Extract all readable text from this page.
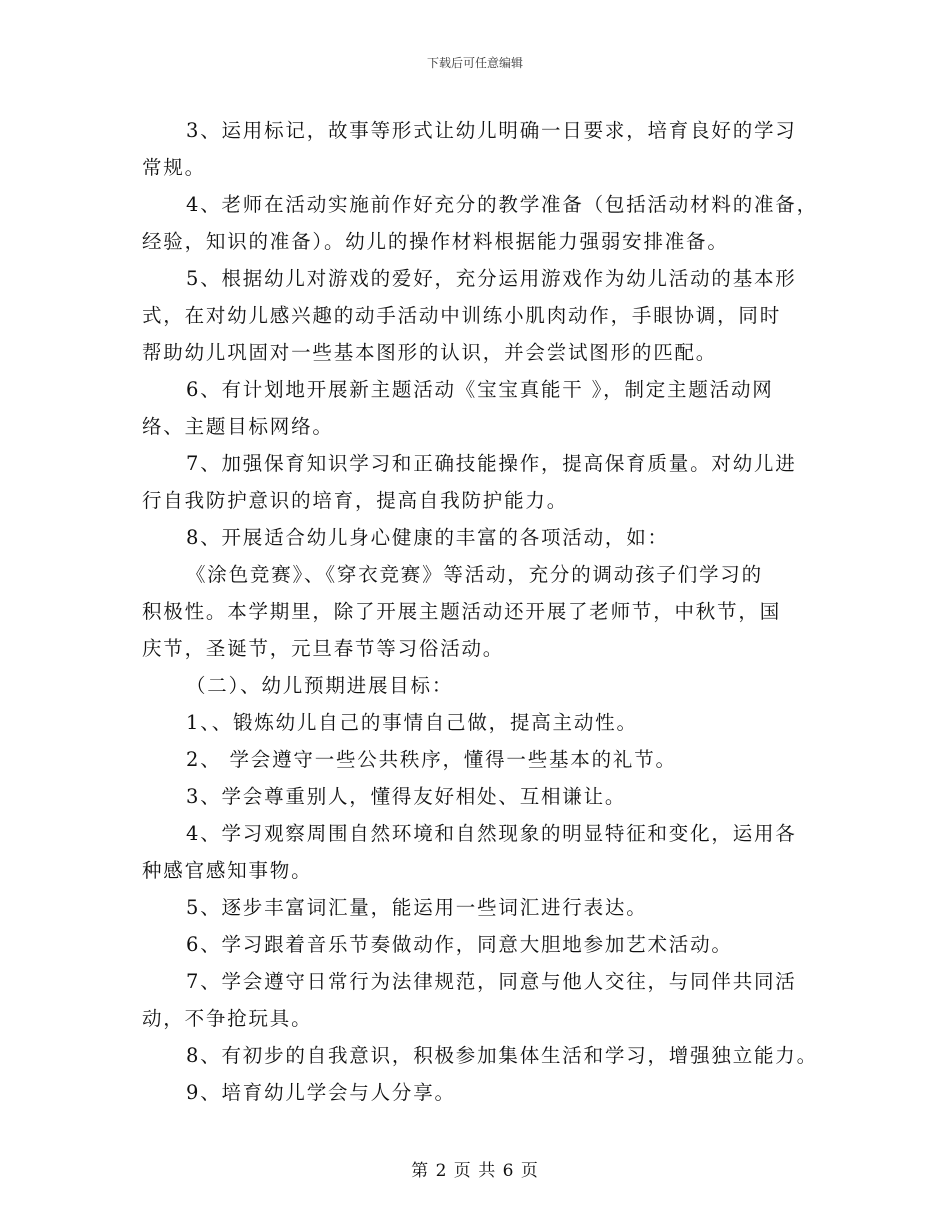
下载后可任意编辑

3、运用标记，故事等形式让幼儿明确一日要求，培育良好的学习

常规。

4、老师在活动实施前作好充分的教学准备（包括活动材料的准备，

经验，知识的准备）。幼儿的操作材料根据能力强弱安排准备。

5、根据幼儿对游戏的爱好，充分运用游戏作为幼儿活动的基本形

式，在对幼儿感兴趣的动手活动中训练小肌肉动作，手眼协调，同时

帮助幼儿巩固对一些基本图形的认识，并会尝试图形的匹配。

6、有计划地开展新主题活动《宝宝真能干 》，制定主题活动网

络、主题目标网络。

7、加强保育知识学习和正确技能操作，提高保育质量。对幼儿进

行自我防护意识的培育，提高自我防护能力。

8、开展适合幼儿身心健康的丰富的各项活动，如：

《涂色竞赛》、《穿衣竞赛》等活动，充分的调动孩子们学习的

积极性。本学期里，除了开展主题活动还开展了老师节，中秋节，国

庆节，圣诞节，元旦春节等习俗活动。

（二）、幼儿预期进展目标：

1、、锻炼幼儿自己的事情自己做，提高主动性。

2、 学会遵守一些公共秩序，懂得一些基本的礼节。

3、学会尊重别人，懂得友好相处、互相谦让。

4、学习观察周围自然环境和自然现象的明显特征和变化，运用各

种感官感知事物。

5、逐步丰富词汇量，能运用一些词汇进行表达。

6、学习跟着音乐节奏做动作，同意大胆地参加艺术活动。

7、学会遵守日常行为法律规范，同意与他人交往，与同伴共同活

动，不争抢玩具。

8、有初步的自我意识，积极参加集体生活和学习，增强独立能力。

9、培育幼儿学会与人分享。

第 2 页 共 6 页
